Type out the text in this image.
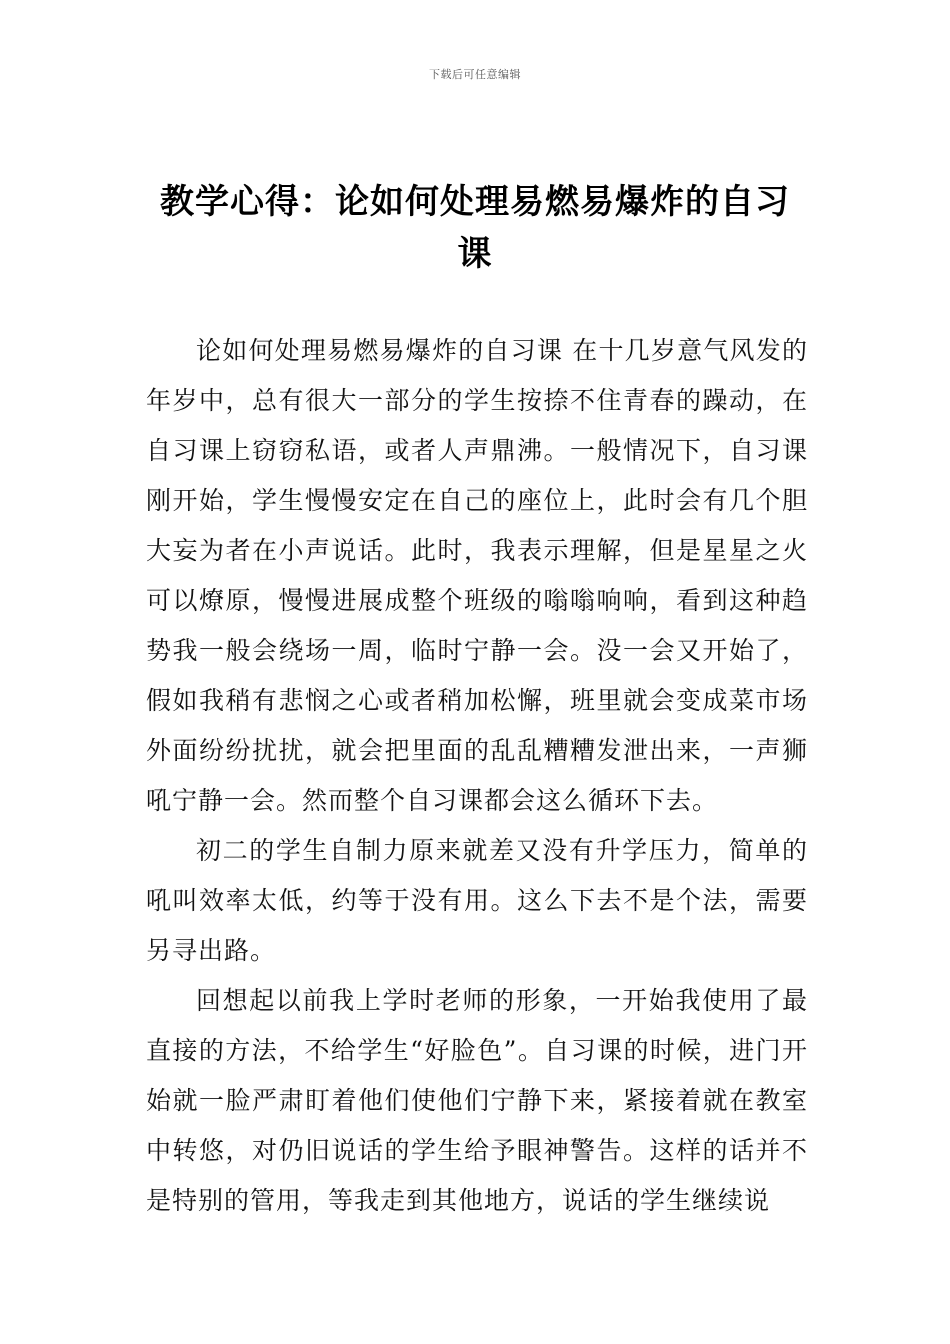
下载后可任意编辑
教学心得：论如何处理易燃易爆炸的自习课

论如何处理易燃易爆炸的自习课 在十几岁意气风发的年岁中，总有很大一部分的学生按捺不住青春的躁动，在自习课上窃窃私语，或者人声鼎沸。一般情况下，自习课刚开始，学生慢慢安定在自己的座位上，此时会有几个胆大妄为者在小声说话。此时，我表示理解，但是星星之火可以燎原，慢慢进展成整个班级的嗡嗡响响，看到这种趋势我一般会绕场一周，临时宁静一会。没一会又开始了，假如我稍有悲悯之心或者稍加松懈，班里就会变成菜市场外面纷纷扰扰，就会把里面的乱乱糟糟发泄出来，一声狮吼宁静一会。然而整个自习课都会这么循环下去。

初二的学生自制力原来就差又没有升学压力，简单的吼叫效率太低，约等于没有用。这么下去不是个法，需要另寻出路。

回想起以前我上学时老师的形象，一开始我使用了最直接的方法，不给学生“好脸色”。自习课的时候，进门开始就一脸严肃盯着他们使他们宁静下来，紧接着就在教室中转悠，对仍旧说话的学生给予眼神警告。这样的话并不是特别的管用，等我走到其他地方，说话的学生继续说
